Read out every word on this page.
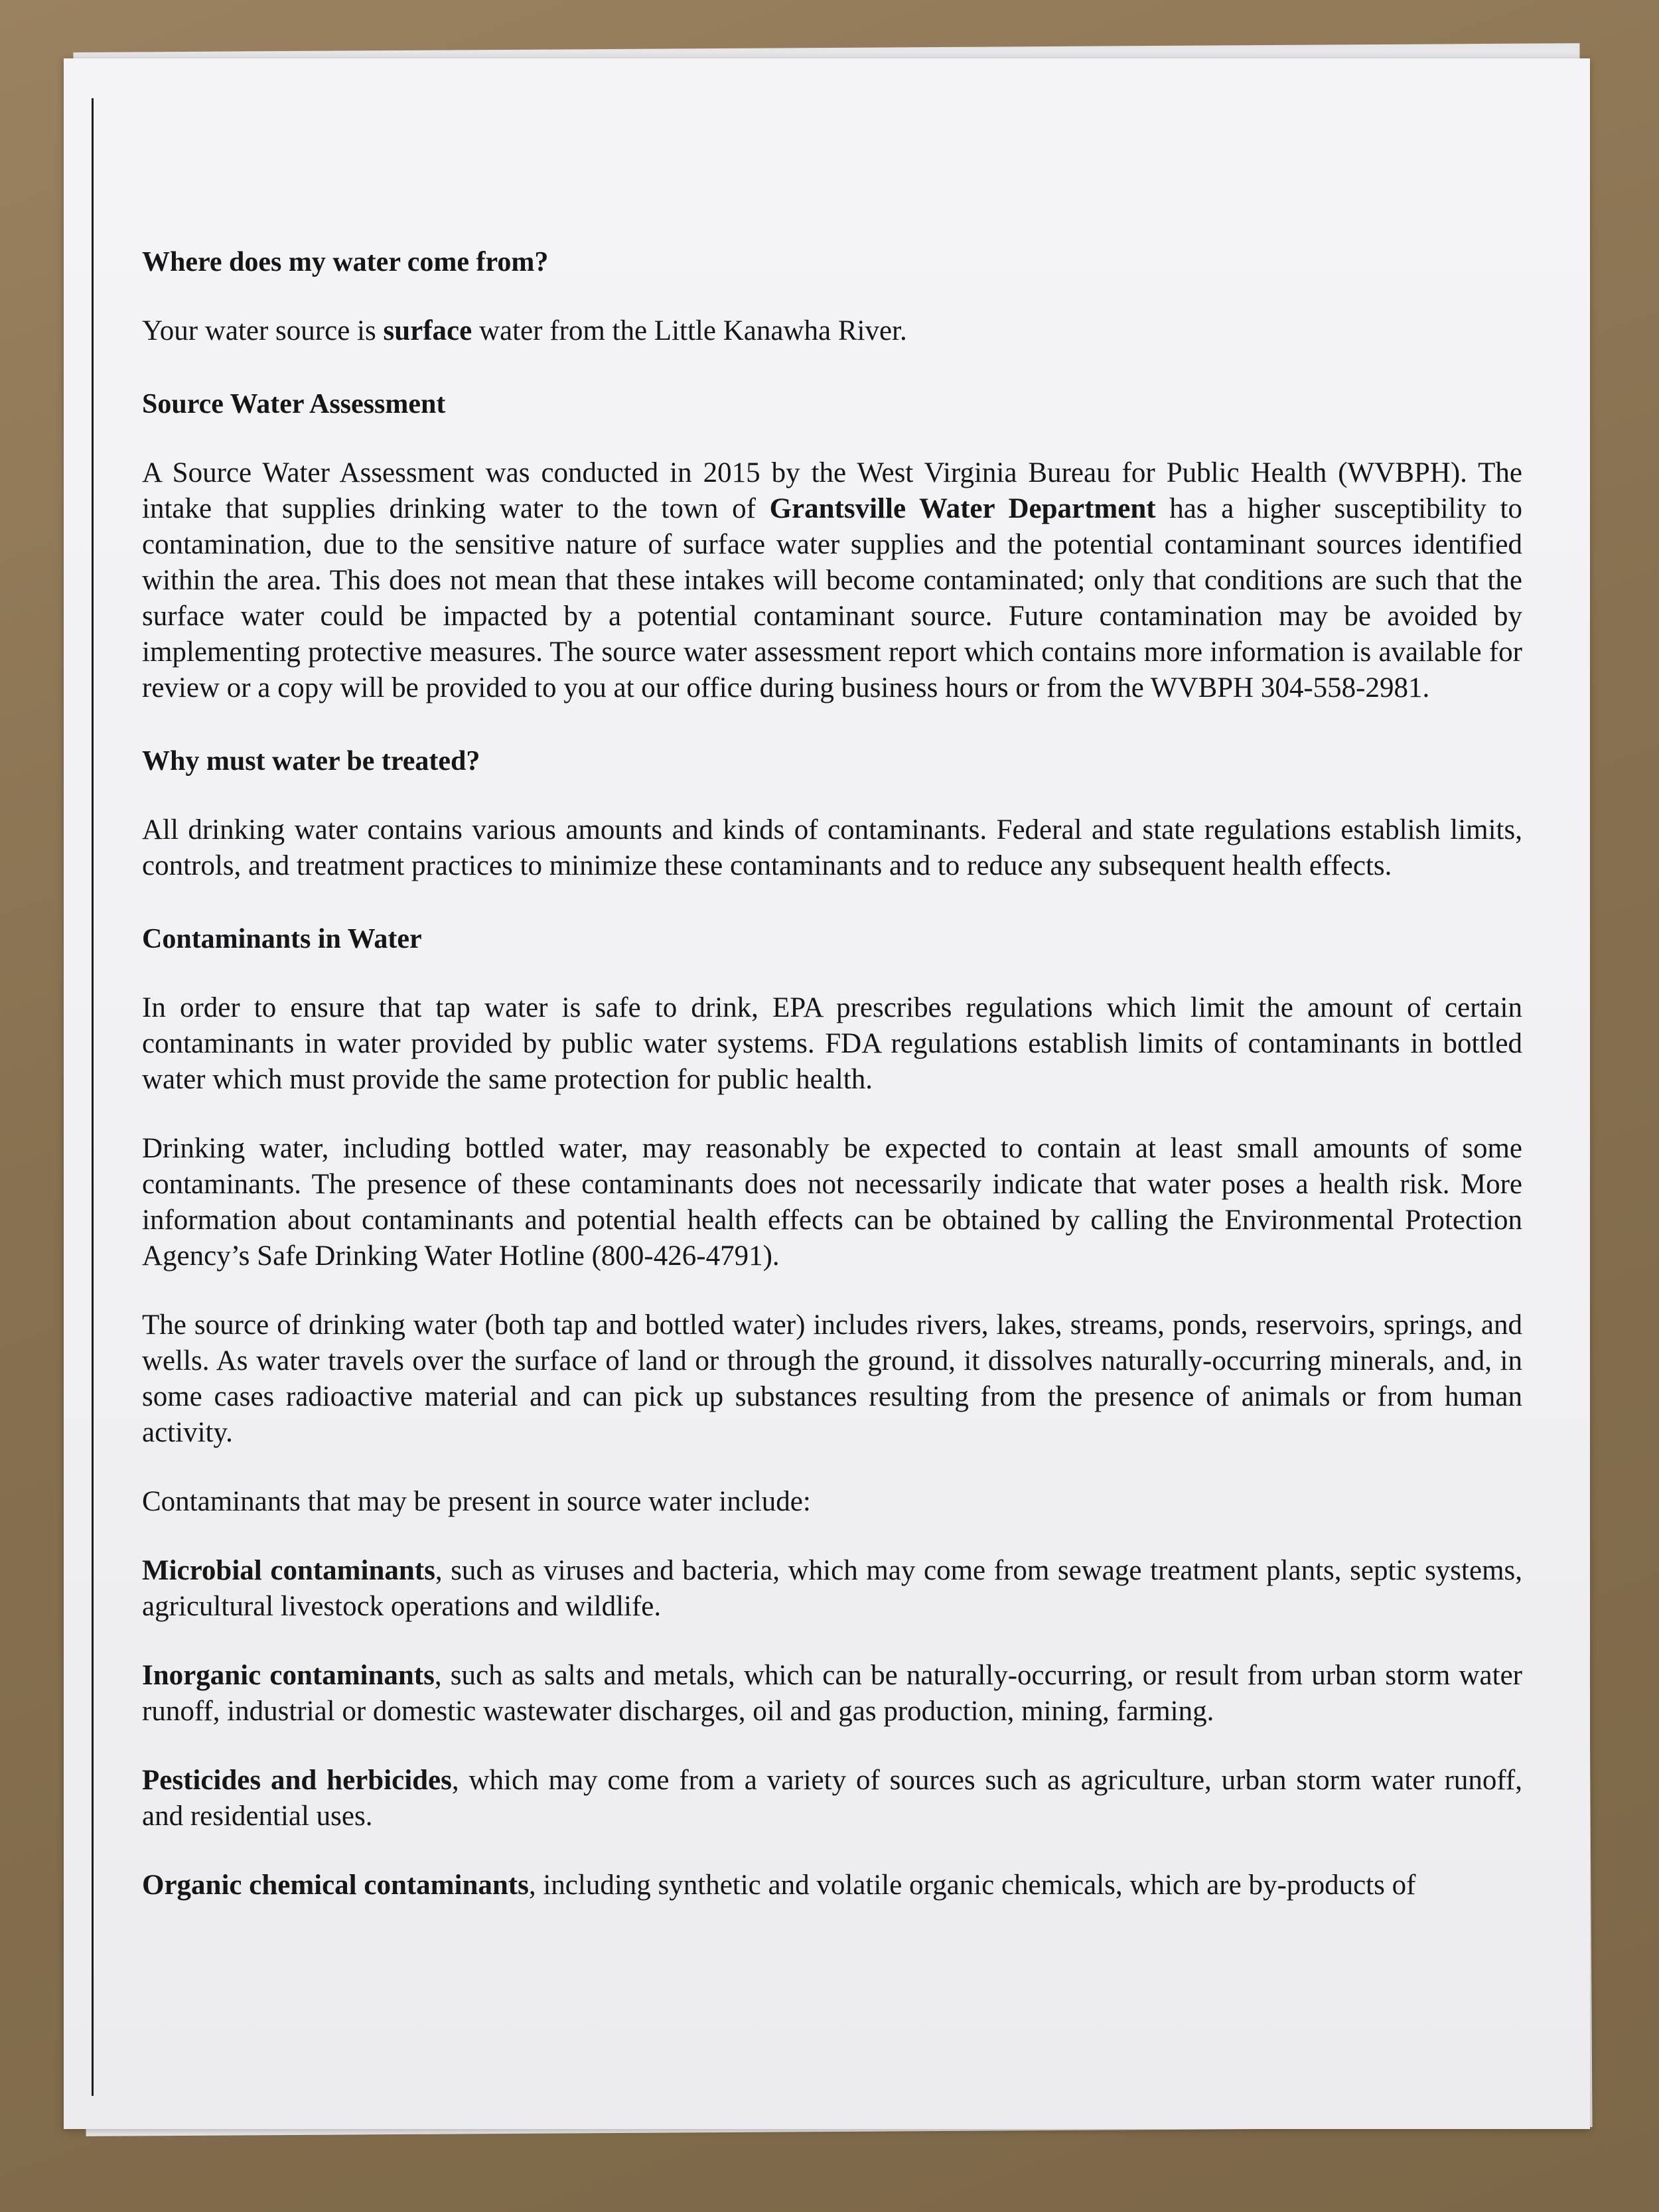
Where does my water come from?

Your water source is surface water from the Little Kanawha River.

Source Water Assessment

A Source Water Assessment was conducted in 2015 by the West Virginia Bureau for Public Health (WVBPH). The intake that supplies drinking water to the town of Grantsville Water Department has a higher susceptibility to contamination, due to the sensitive nature of surface water supplies and the potential contaminant sources identified within the area. This does not mean that these intakes will become contaminated; only that conditions are such that the surface water could be impacted by a potential contaminant source. Future contamination may be avoided by implementing protective measures. The source water assessment report which contains more information is available for review or a copy will be provided to you at our office during business hours or from the WVBPH 304-558-2981.

Why must water be treated?

All drinking water contains various amounts and kinds of contaminants. Federal and state regulations establish limits, controls, and treatment practices to minimize these contaminants and to reduce any subsequent health effects.

Contaminants in Water

In order to ensure that tap water is safe to drink, EPA prescribes regulations which limit the amount of certain contaminants in water provided by public water systems. FDA regulations establish limits of contaminants in bottled water which must provide the same protection for public health.

Drinking water, including bottled water, may reasonably be expected to contain at least small amounts of some contaminants. The presence of these contaminants does not necessarily indicate that water poses a health risk. More information about contaminants and potential health effects can be obtained by calling the Environmental Protection Agency’s Safe Drinking Water Hotline (800-426-4791).

The source of drinking water (both tap and bottled water) includes rivers, lakes, streams, ponds, reservoirs, springs, and wells. As water travels over the surface of land or through the ground, it dissolves naturally-occurring minerals, and, in some cases radioactive material and can pick up substances resulting from the presence of animals or from human activity.

Contaminants that may be present in source water include:

Microbial contaminants, such as viruses and bacteria, which may come from sewage treatment plants, septic systems, agricultural livestock operations and wildlife.

Inorganic contaminants, such as salts and metals, which can be naturally-occurring, or result from urban storm water runoff, industrial or domestic wastewater discharges, oil and gas production, mining, farming.

Pesticides and herbicides, which may come from a variety of sources such as agriculture, urban storm water runoff, and residential uses.

Organic chemical contaminants, including synthetic and volatile organic chemicals, which are by-products of
